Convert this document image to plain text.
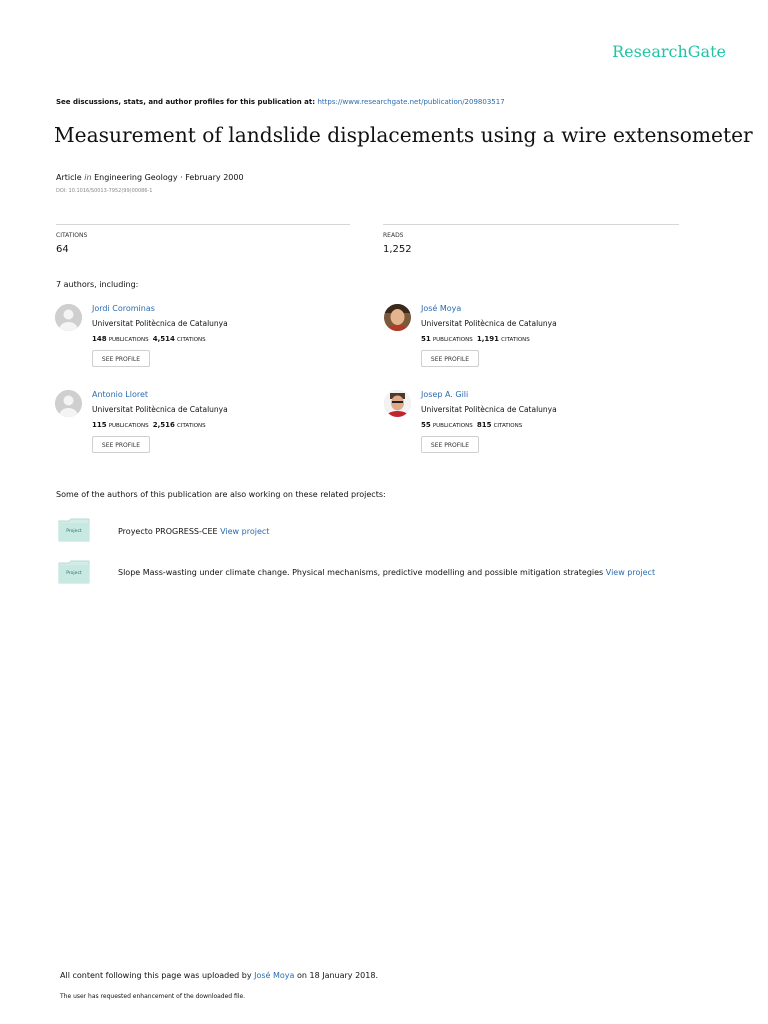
ResearchGate
See discussions, stats, and author profiles for this publication at: https://www.researchgate.net/publication/209803517
Measurement of landslide displacements using a wire extensometer
Article in Engineering Geology · February 2000
DOI: 10.1016/S0013-7952(99)00086-1
CITATIONS
64
READS
1,252
7 authors, including:
Jordi Corominas
Universitat Politècnica de Catalunya
148 PUBLICATIONS 4,514 CITATIONS
SEE PROFILE
José Moya
Universitat Politècnica de Catalunya
51 PUBLICATIONS 1,191 CITATIONS
SEE PROFILE
Antonio Lloret
Universitat Politècnica de Catalunya
115 PUBLICATIONS 2,516 CITATIONS
SEE PROFILE
Josep A. Gili
Universitat Politècnica de Catalunya
55 PUBLICATIONS 815 CITATIONS
SEE PROFILE
Some of the authors of this publication are also working on these related projects:
Project	Proyecto PROGRESS-CEE View project
Project	Slope Mass-wasting under climate change. Physical mechanisms, predictive modelling and possible mitigation strategies View project
All content following this page was uploaded by José Moya on 18 January 2018.
The user has requested enhancement of the downloaded file.
